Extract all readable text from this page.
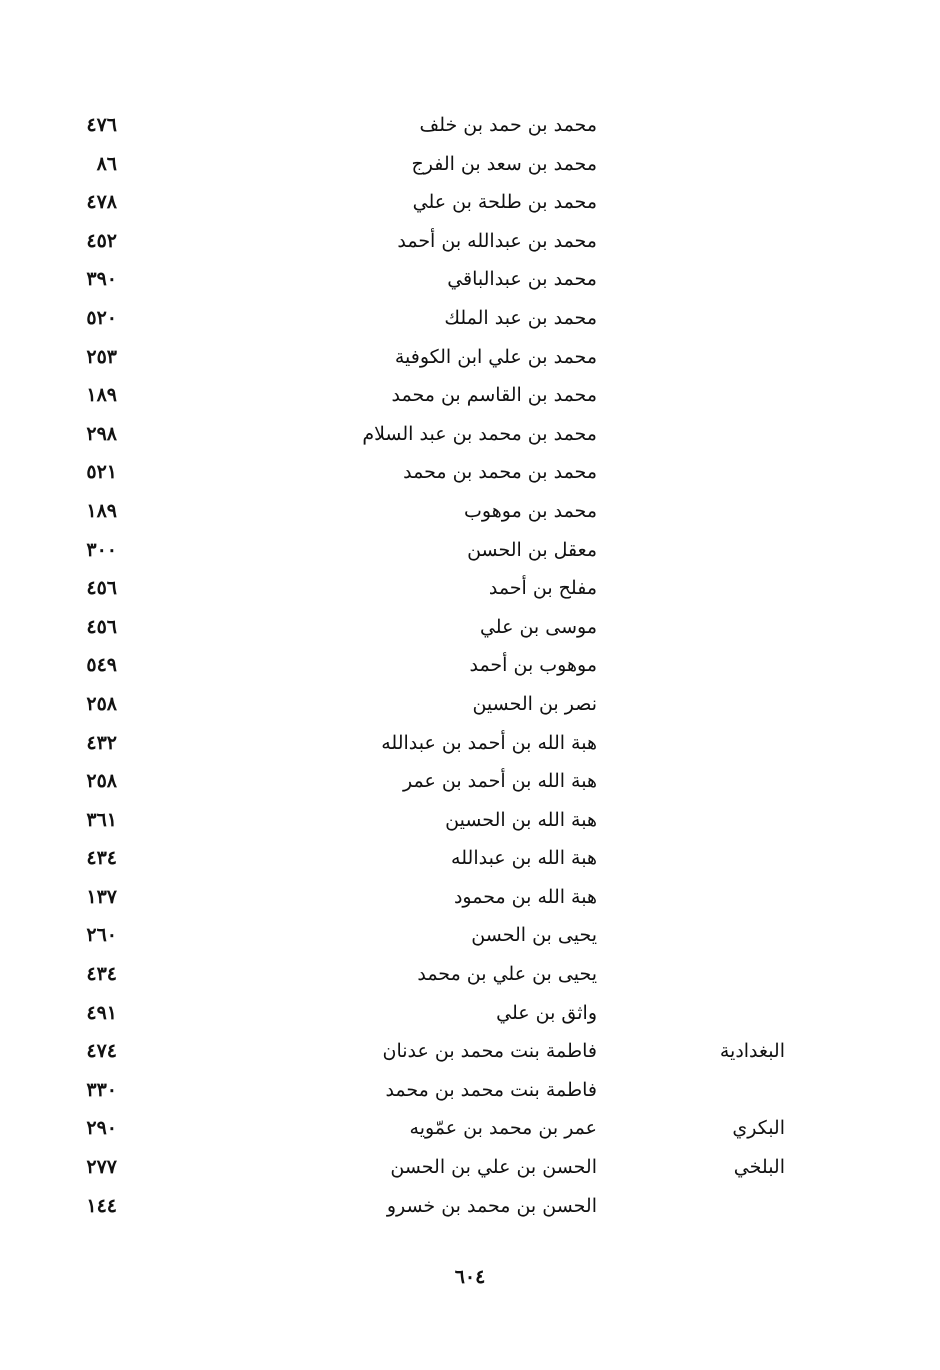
محمد بن حمد بن خلف
٤٧٦
محمد بن سعد بن الفرج
٨٦
محمد بن طلحة بن علي
٤٧٨
محمد بن عبدالله بن أحمد
٤٥٢
محمد بن عبدالباقي
٣٩٠
محمد بن عبد الملك
٥٢٠
محمد بن علي ابن الكوفية
٢٥٣
محمد بن القاسم بن محمد
١٨٩
محمد بن محمد بن عبد السلام
٢٩٨
محمد بن محمد بن محمد
٥٢١
محمد بن موهوب
١٨٩
معقل بن الحسن
٣٠٠
مفلح بن أحمد
٤٥٦
موسى بن علي
٤٥٦
موهوب بن أحمد
٥٤٩
نصر بن الحسين
٢٥٨
هبة الله بن أحمد بن عبدالله
٤٣٢
هبة الله بن أحمد بن عمر
٢٥٨
هبة الله بن الحسين
٣٦١
هبة الله بن عبدالله
٤٣٤
هبة الله بن محمود
١٣٧
يحيى بن الحسن
٢٦٠
يحيى بن علي بن محمد
٤٣٤
واثق بن علي
٤٩١
البغدادية
فاطمة بنت محمد بن عدنان
٤٧٤
فاطمة بنت محمد بن محمد
٣٣٠
البكري
عمر بن محمد بن عمّويه
٢٩٠
البلخي
الحسن بن علي بن الحسن
٢٧٧
الحسن بن محمد بن خسرو
١٤٤
٦٠٤
